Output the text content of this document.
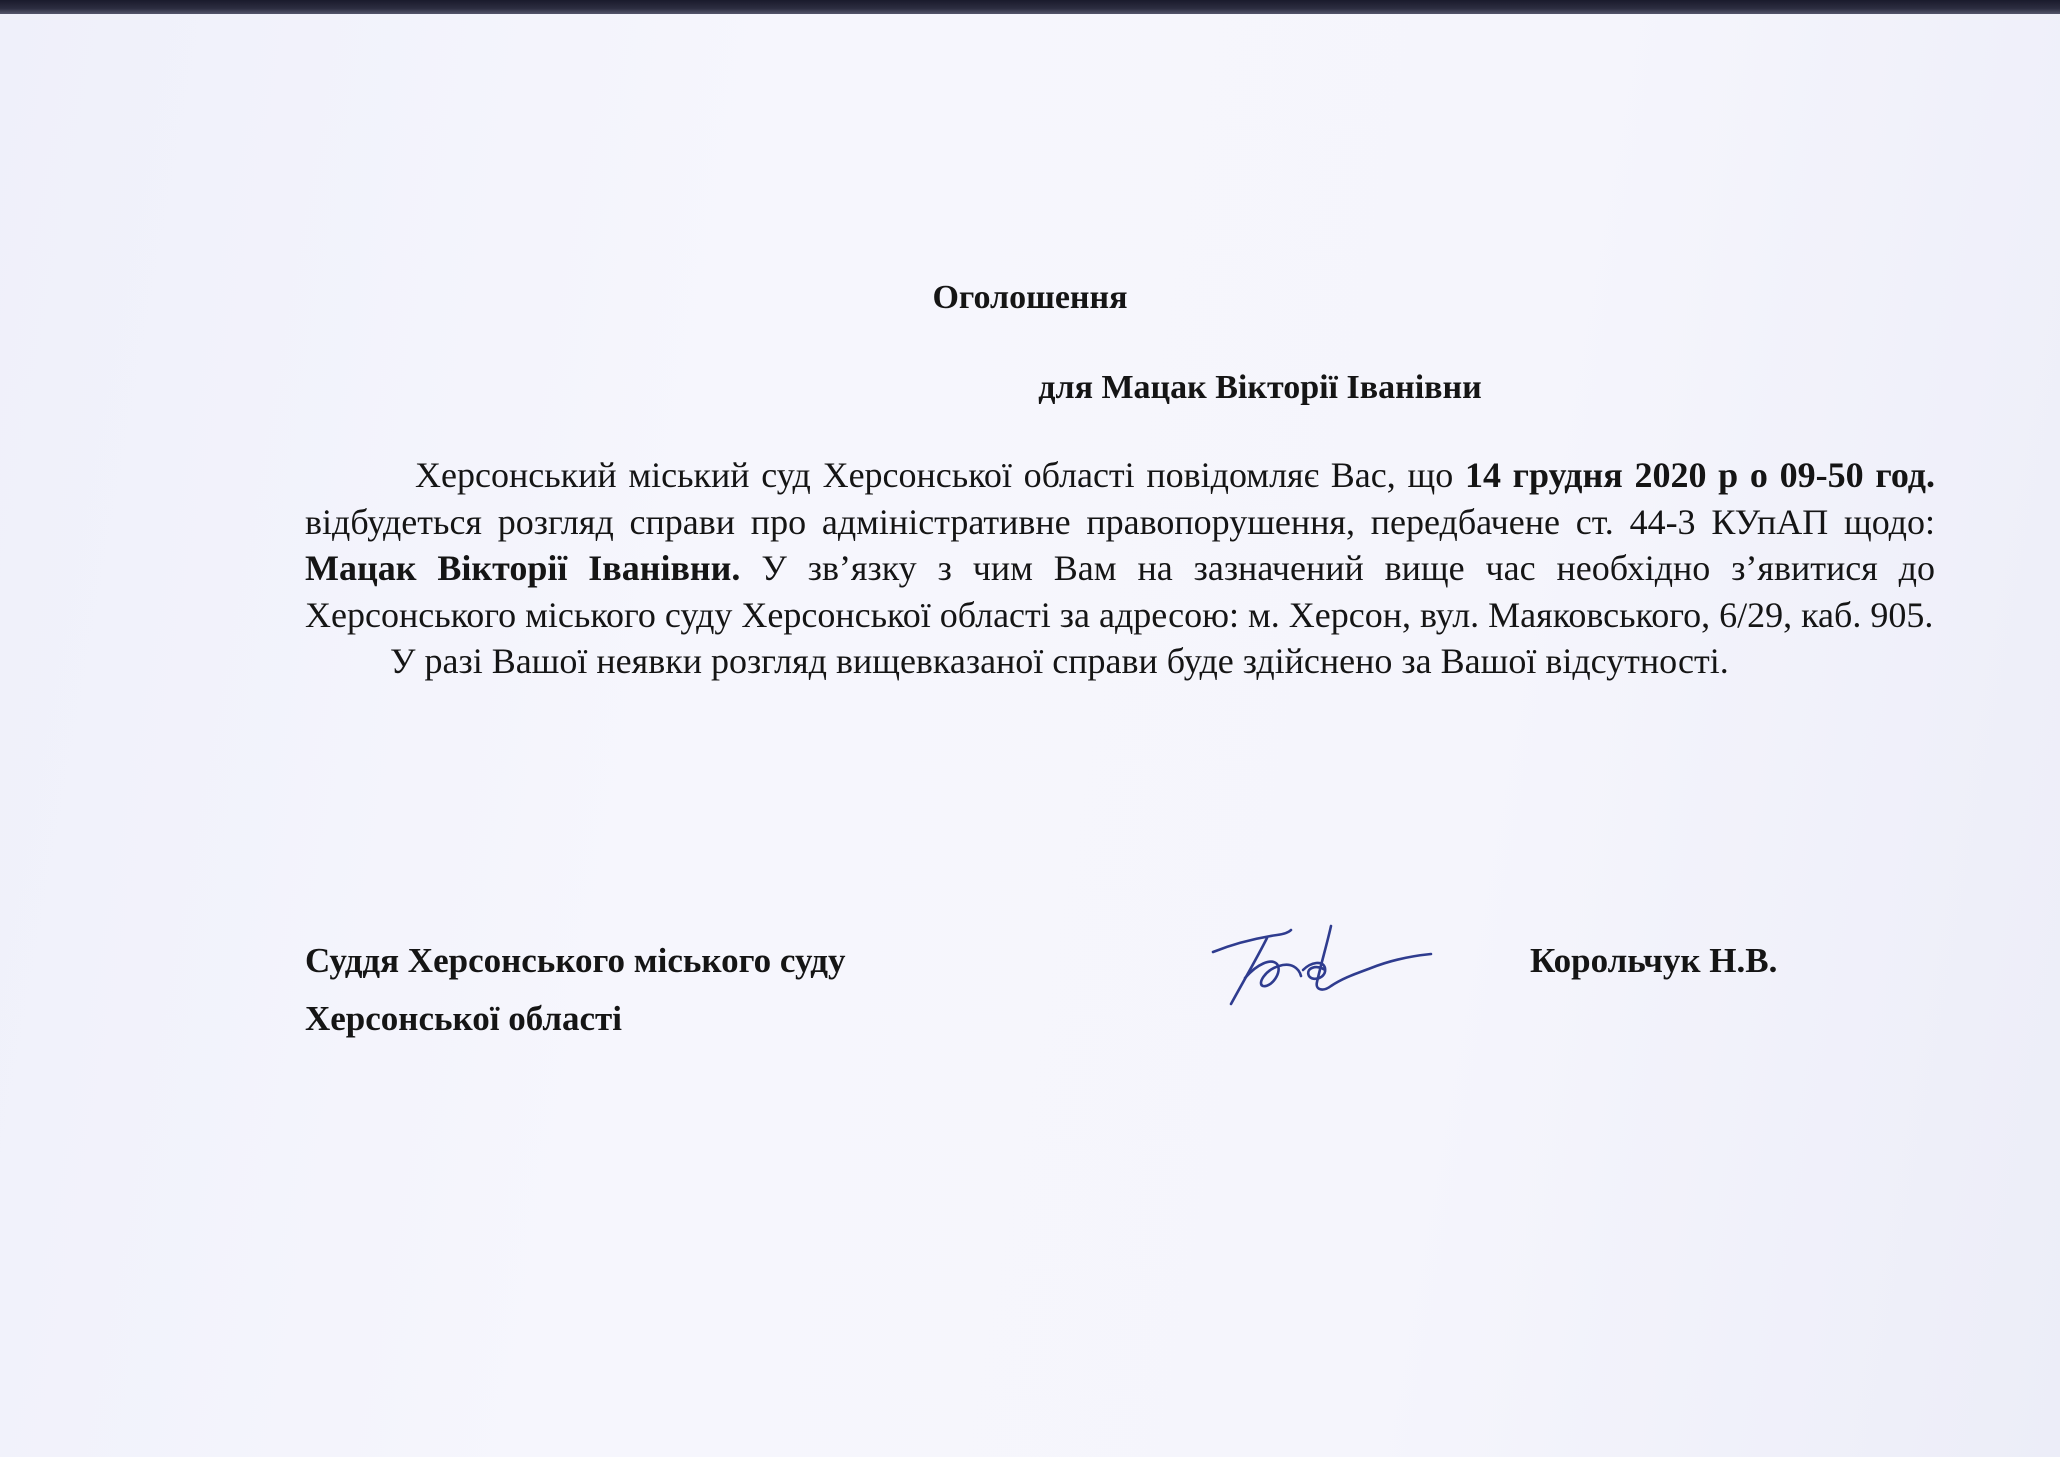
Оголошення
для Мацак Вікторії Іванівни

Херсонський міський суд Херсонської області повідомляє Вас, що 14 грудня 2020 р о 09-50 год. відбудеться розгляд справи про адміністративне правопорушення, передбачене ст. 44-3 КУпАП щодо: Мацак Вікторії Іванівни. У зв’язку з чим Вам на зазначений вище час необхідно з’явитися до Херсонського міського суду Херсонської області за адресою: м. Херсон, вул. Маяковського, 6/29, каб. 905.

У разі Вашої неявки розгляд вищевказаної справи буде здійснено за Вашої відсутності.

Суддя Херсонського міського суду
Херсонської області
Корольчук Н.В.
